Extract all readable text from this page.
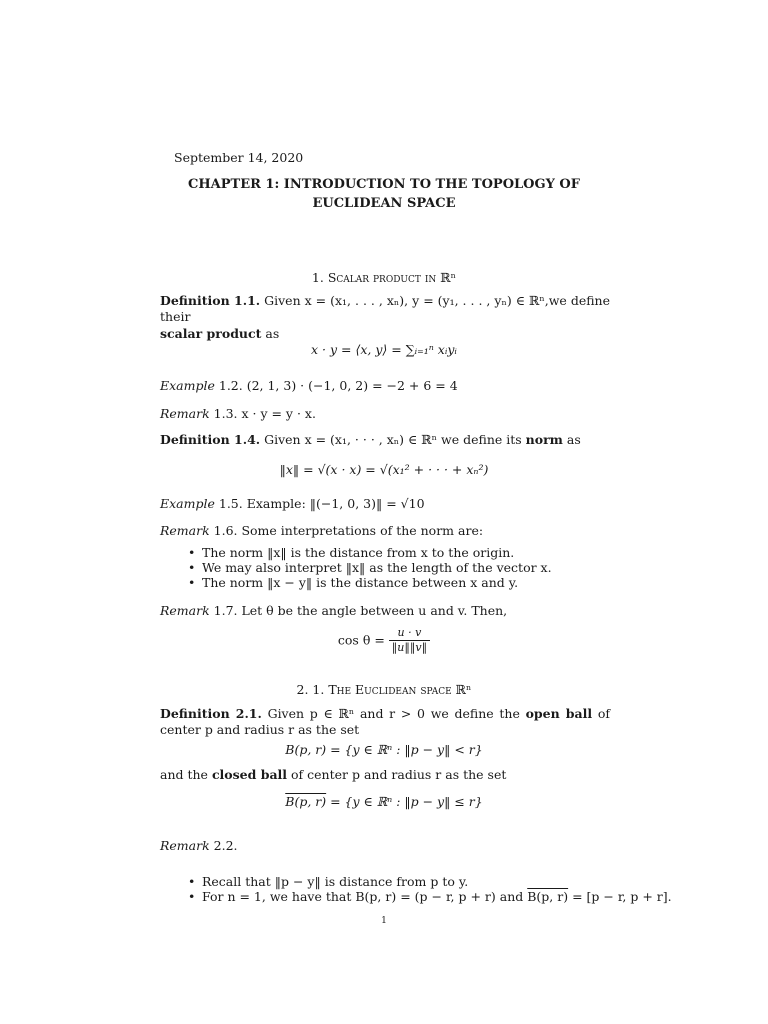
September 14, 2020
CHAPTER 1: INTRODUCTION TO THE TOPOLOGY OF
EUCLIDEAN SPACE
1. Scalar product in ℝⁿ
Definition 1.1. Given x = (x₁, . . . , xₙ), y = (y₁, . . . , yₙ) ∈ ℝⁿ,we define their
scalar product as
x · y = ⟨x, y⟩ = ∑ᵢ₌₁ⁿ xᵢyᵢ
Example 1.2. (2, 1, 3) · (−1, 0, 2) = −2 + 6 = 4
Remark 1.3. x · y = y · x.
Definition 1.4. Given x = (x₁, · · · , xₙ) ∈ ℝⁿ we define its norm as
‖x‖ = √(x · x) = √(x₁² + · · · + xₙ²)
Example 1.5. Example: ‖(−1, 0, 3)‖ = √10
Remark 1.6. Some interpretations of the norm are:
• The norm ‖x‖ is the distance from x to the origin.
• We may also interpret ‖x‖ as the length of the vector x.
• The norm ‖x − y‖ is the distance between x and y.
Remark 1.7. Let θ be the angle between u and v. Then,
$\cos \theta = \frac{u \cdot v}{‖u‖‖v‖}$
2. 1. The Euclidean space ℝⁿ
Definition 2.1. Given p ∈ ℝⁿ and r > 0 we define the open ball of center p and radius r as the set
B(p, r) = {y ∈ ℝⁿ : ‖p − y‖ < r}
and the closed ball of center p and radius r as the set
B(p, r) = {y ∈ ℝⁿ : ‖p − y‖ ≤ r}
Remark 2.2.
• Recall that ‖p − y‖ is distance from p to y.
• For n = 1, we have that B(p, r) = (p − r, p + r) and B(p, r) = [p − r, p + r].
1
